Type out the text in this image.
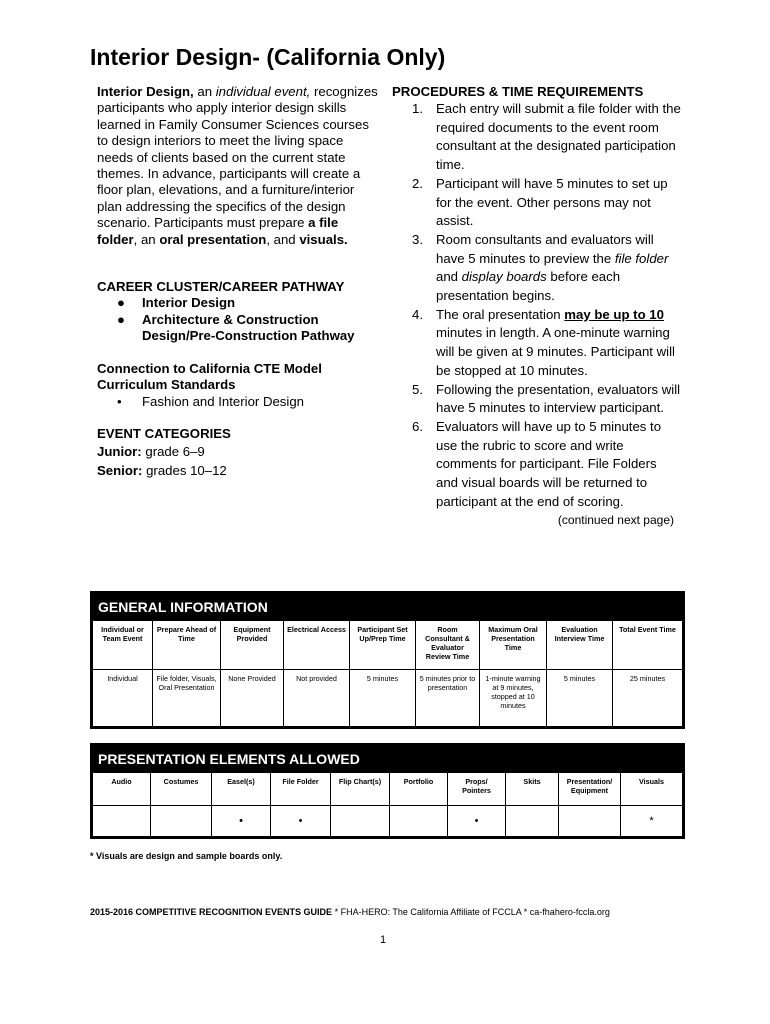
Interior Design- (California Only)

Interior Design, an individual event, recognizes participants who apply interior design skills learned in Family Consumer Sciences courses to design interiors to meet the living space needs of clients based on the current state themes. In advance, participants will create a floor plan, elevations, and a furniture/interior plan addressing the specifics of the design scenario. Participants must prepare a file folder, an oral presentation, and visuals.

CAREER CLUSTER/CAREER PATHWAY

● Interior Design
● Architecture & Construction Design/Pre-Construction Pathway

Connection to California CTE Model Curriculum Standards

• Fashion and Interior Design

EVENT CATEGORIES

Junior: grade 6–9

Senior: grades 10–12

PROCEDURES & TIME REQUIREMENTS

1. Each entry will submit a file folder with the required documents to the event room consultant at the designated participation time.
2. Participant will have 5 minutes to set up for the event. Other persons may not assist.
3. Room consultants and evaluators will have 5 minutes to preview the file folder and display boards before each presentation begins.
4. The oral presentation may be up to 10 minutes in length. A one-minute warning will be given at 9 minutes. Participant will be stopped at 10 minutes.
5. Following the presentation, evaluators will have 5 minutes to interview participant.
6. Evaluators will have up to 5 minutes to use the rubric to score and write comments for participant. File Folders and visual boards will be returned to participant at the end of scoring.

(continued next page)

GENERAL INFORMATION
Individual or Team Event	Prepare Ahead of Time	Equipment Provided	Electrical Access	Participant Set Up/Prep Time	Room Consultant & Evaluator Review Time	Maximum Oral Presentation Time	Evaluation Interview Time	Total Event Time
Individual	File folder, Visuals, Oral Presentation	None Provided	Not provided	5 minutes	5 minutes prior to presentation	1-minute warning at 9 minutes, stopped at 10 minutes	5 minutes	25 minutes
PRESENTATION ELEMENTS ALLOWED
Audio	Costumes	Easel(s)	File Folder	Flip Chart(s)	Portfolio	Props/ Pointers	Skits	Presentation/ Equipment	Visuals
		•	•			•			*

* Visuals are design and sample boards only.

2015-2016 COMPETITIVE RECOGNITION EVENTS GUIDE * FHA-HERO: The California Affiliate of FCCLA * ca-fhahero-fccla.org

1
